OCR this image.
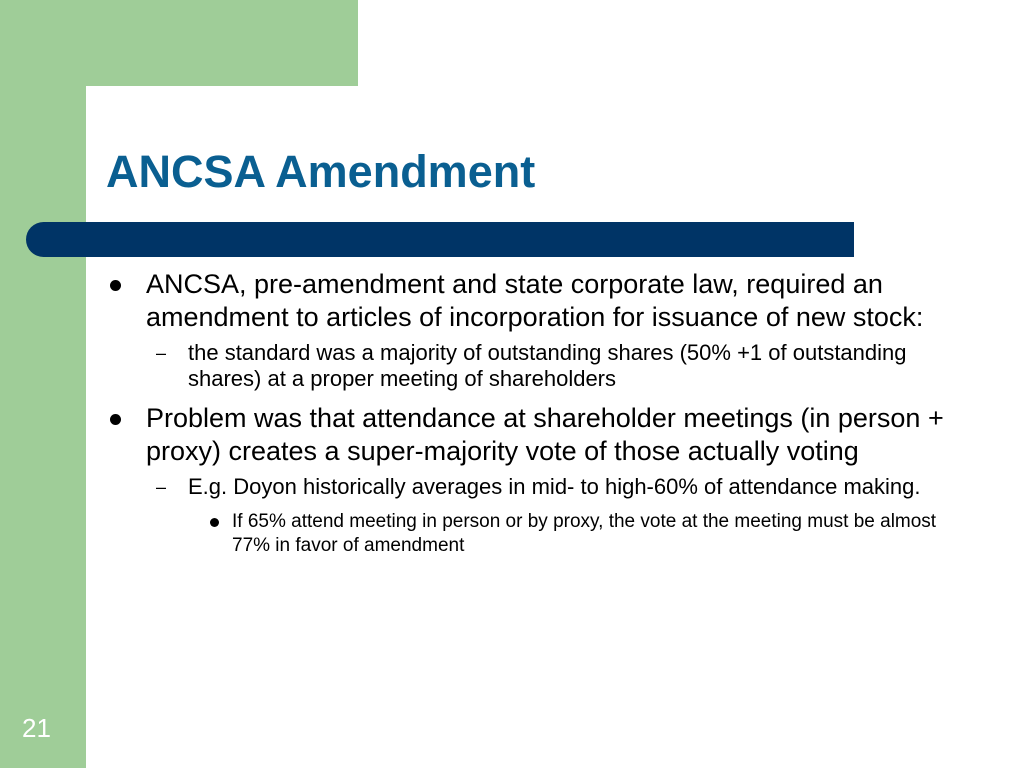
ANCSA Amendment
ANCSA, pre-amendment and state corporate law, required an amendment to articles of incorporation for issuance of new stock:
– the standard was a majority of outstanding shares (50% +1 of outstanding shares) at a proper meeting of shareholders
Problem was that attendance at shareholder meetings (in person + proxy) creates a super-majority vote of those actually voting
– E.g. Doyon historically averages in mid- to high-60% of attendance making.
If 65% attend meeting in person or by proxy, the vote at the meeting must be almost 77% in favor of amendment
21
